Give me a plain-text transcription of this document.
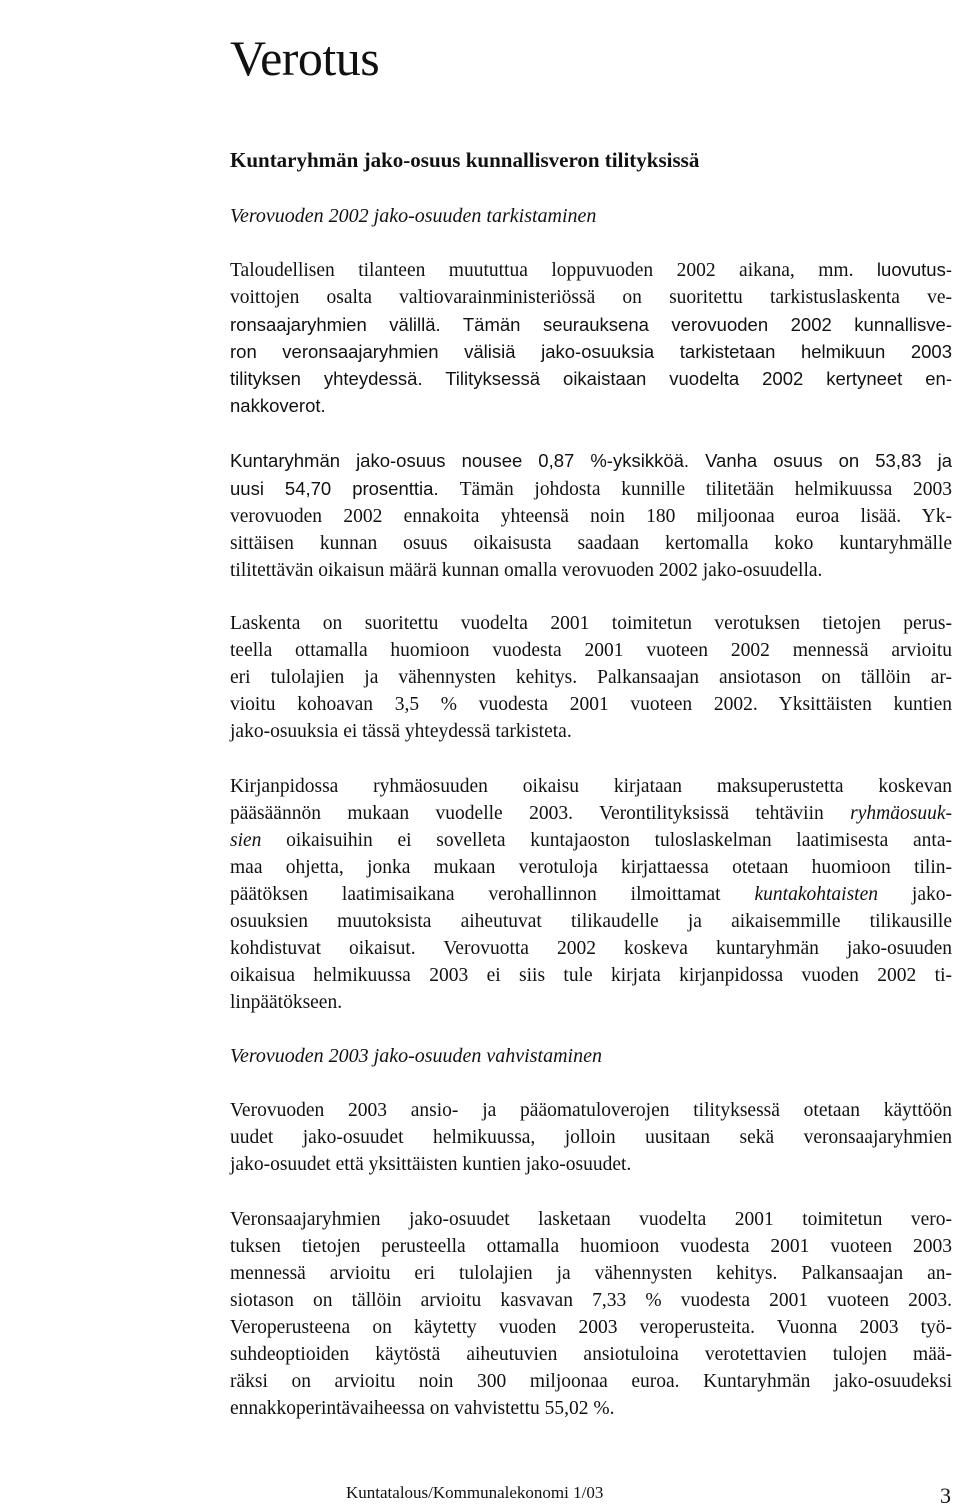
Verotus
Kuntaryhmän jako-osuus kunnallisveron tilityksissä
Verovuoden 2002 jako-osuuden tarkistaminen
Taloudellisen tilanteen muututtua loppuvuoden 2002 aikana, mm. luovutus-
voittojen osalta valtiovarainministeriössä on suoritettu tarkistuslaskenta ve-
ronsaajaryhmien välillä. Tämän seurauksena verovuoden 2002 kunnallisve-
ron veronsaajaryhmien välisiä jako-osuuksia tarkistetaan helmikuun 2003
tilityksen yhteydessä. Tilityksessä oikaistaan vuodelta 2002 kertyneet en-
nakkoverot.
Kuntaryhmän jako-osuus nousee 0,87 %-yksikköä. Vanha osuus on 53,83 ja
uusi 54,70 prosenttia. Tämän johdosta kunnille tilitetään helmikuussa 2003
verovuoden 2002 ennakoita yhteensä noin 180 miljoonaa euroa lisää. Yk-
sittäisen kunnan osuus oikaisusta saadaan kertomalla koko kuntaryhmälle
tilitettävän oikaisun määrä kunnan omalla verovuoden 2002 jako-osuudella.
Laskenta on suoritettu vuodelta 2001 toimitetun verotuksen tietojen perus-
teella ottamalla huomioon vuodesta 2001 vuoteen 2002 mennessä arvioitu
eri tulolajien ja vähennysten kehitys. Palkansaajan ansiotason on tällöin ar-
vioitu kohoavan 3,5 % vuodesta 2001 vuoteen 2002. Yksittäisten kuntien
jako-osuuksia ei tässä yhteydessä tarkisteta.
Kirjanpidossa ryhmäosuuden oikaisu kirjataan maksuperustetta koskevan
pääsäännön mukaan vuodelle 2003. Verontilityksissä tehtäviin ryhmäosuuk-
sien oikaisuihin ei sovelleta kuntajaoston tuloslaskelman laatimisesta anta-
maa ohjetta, jonka mukaan verotuloja kirjattaessa otetaan huomioon tilin-
päätöksen laatimisaikana verohallinnon ilmoittamat kuntakohtaisten jako-
osuuksien muutoksista aiheutuvat tilikaudelle ja aikaisemmille tilikausille
kohdistuvat oikaisut. Verovuotta 2002 koskeva kuntaryhmän jako-osuuden
oikaisua helmikuussa 2003 ei siis tule kirjata kirjanpidossa vuoden 2002 ti-
linpäätökseen.
Verovuoden 2003 jako-osuuden vahvistaminen
Verovuoden 2003 ansio- ja pääomatuloverojen tilityksessä otetaan käyttöön
uudet jako-osuudet helmikuussa, jolloin uusitaan sekä veronsaajaryhmien
jako-osuudet että yksittäisten kuntien jako-osuudet.
Veronsaajaryhmien jako-osuudet lasketaan vuodelta 2001 toimitetun vero-
tuksen tietojen perusteella ottamalla huomioon vuodesta 2001 vuoteen 2003
mennessä arvioitu eri tulolajien ja vähennysten kehitys. Palkansaajan an-
siotason on tällöin arvioitu kasvavan 7,33 % vuodesta 2001 vuoteen 2003.
Veroperusteena on käytetty vuoden 2003 veroperusteita. Vuonna 2003 työ-
suhdeoptioiden käytöstä aiheutuvien ansiotuloina verotettavien tulojen mää-
räksi on arvioitu noin 300 miljoonaa euroa. Kuntaryhmän jako-osuudeksi
ennakkoperintävaiheessa on vahvistettu 55,02 %.
Kuntatalous/Kommunalekonomi 1/03	3
